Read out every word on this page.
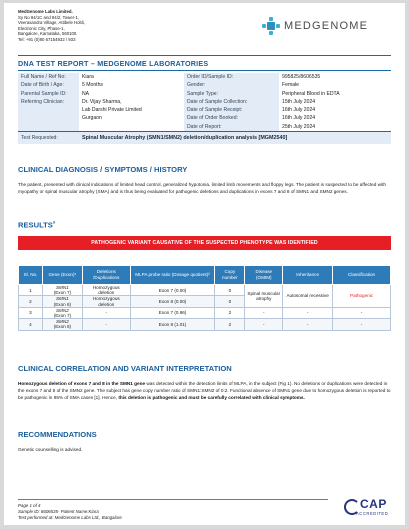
MedGenome Labs Limited.
Sy No 94/1C and 94/2, Tower-1,
Veerasandra Village, Attibele Hobli,
Electronic City, Phase-1,
Bangalore, Karnataka, 560100.
Tel: +91 (0)80 67154932 / 933
MEDGENOME
DNA TEST REPORT – MEDGENOME LABORATORIES
Full Name / Ref No:	Kiara	Order ID/Sample ID:	995825/8606535
Date of Birth / Age:	5 Months	Gender:	Female
Parental Sample ID:	NA	Sample Type:	Peripheral Blood in EDTA
Referring Clinician:	Dr. Vijay Sharma,	Date of Sample Collection:	15th July 2024
	Lab Darshi Private Limited	Date of Sample Receipt:	16th July 2024
	Gurgaon	Date of Order Booked:	16th July 2024
		Date of Report:	25th July 2024
Test Requested:	Spinal Muscular Atrophy (SMN1/SMN2) deletion/duplication analysis [MGM2540]		
CLINICAL DIAGNOSIS / SYMPTOMS / HISTORY
The patient, presented with clinical indications of limited head control, generalized hypotonia, limited limb movements and floppy legs. The patient is suspected to be affected with myopathy or spinal muscular atrophy (SMA) and is thus being evaluated for pathogenic deletions and duplications in exons 7 and 8 of SMN1 and SMN2 genes.
RESULTS#
PATHOGENIC VARIANT CAUSATIVE OF THE SUSPECTED PHENOTYPE WAS IDENTIFIED
Sl. No.	Gene (Exon)*	Deletions /Duplications	MLPA probe ratio (Dosage quotient)²	Copy number	Disease (OMIM)	Inheritance	Classification
1	SMN1
(Exon 7)	Homozygous deletion	Exon 7 (0.00)	0	Spinal muscular atrophy	Autosomal recessive	Pathogenic
2	SMN1
(Exon 8)	Homozygous deletion	Exon 8 (0.00)	0			
3	SMN2
(Exon 7)	-	Exon 7 (0.96)	2	-	-	-
4	SMN2
(Exon 8)	-	Exon 8 (1.01)	2	-	-	-
CLINICAL CORRELATION AND VARIANT INTERPRETATION
Homozygous deletion of exons 7 and 8 in the SMN1 gene was detected within the detection limits of MLPA, in the subject (Fig 1). No deletions or duplications were detected in the exons 7 and 8 of the SMN2 gene. The subject has gene copy number ratio of SMN1:SMN2 of 0:2. Functional absence of SMN1 gene due to homozygous deletion is reported to be pathogenic in 95% of SMA cases [1]. Hence, this deletion is pathogenic and must be carefully correlated with clinical symptoms.
RECOMMENDATIONS
Genetic counselling is advised.
Page 1 of 4
Sample ID: 8606535- Patient Name:Kiara
Test performed at: MedGenome Labs Ltd., Bangalore
CAP
ACCREDITED
